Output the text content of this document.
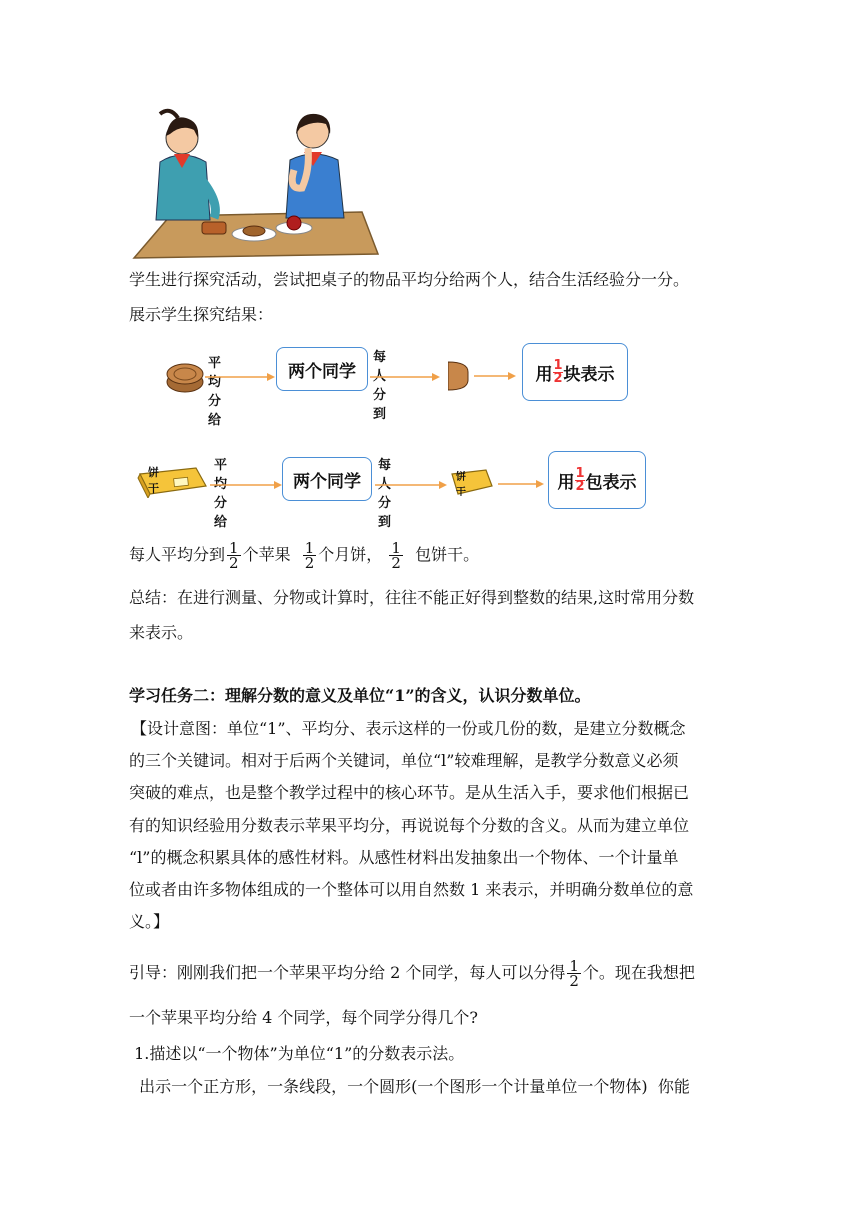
学生进行探究活动，尝试把桌子的物品平均分给两个人，结合生活经验分一分。
展示学生探究结果：
平均分给
两个同学
每人分到
用 $\frac{1}{2}$ 块表示
饼干
平均分给
两个同学
每人分到
饼干	用 $\frac{1}{2}$ 包表示
每人平均分到 $\frac{1}{2}$ 个苹果 $\frac{1}{2}$ 个月饼， $\frac{1}{2}$ 包饼干。
总结：在进行测量、分物或计算时，往往不能正好得到整数的结果,这时常用分数
来表示。
学习任务二：理解分数的意义及单位“1”的含义，认识分数单位。
【设计意图：单位“1”、平均分、表示这样的一份或几份的数，是建立分数概念
的三个关键词。相对于后两个关键词，单位“l”较难理解，是教学分数意义必须
突破的难点，也是整个教学过程中的核心环节。是从生活入手，要求他们根据已
有的知识经验用分数表示苹果平均分，再说说每个分数的含义。从而为建立单位
“l”的概念积累具体的感性材料。从感性材料出发抽象出一个物体、一个计量单
位或者由许多物体组成的一个整体可以用自然数 1 来表示，并明确分数单位的意
义。】
引导：刚刚我们把一个苹果平均分给 2 个同学，每人可以分得 $\frac{1}{2}$ 个。现在我想把
一个苹果平均分给 4 个同学，每个同学分得几个?
1.描述以“一个物体”为单位“1”的分数表示法。
出示一个正方形，一条线段，一个圆形(一个图形一个计量单位一个物体)  你能
